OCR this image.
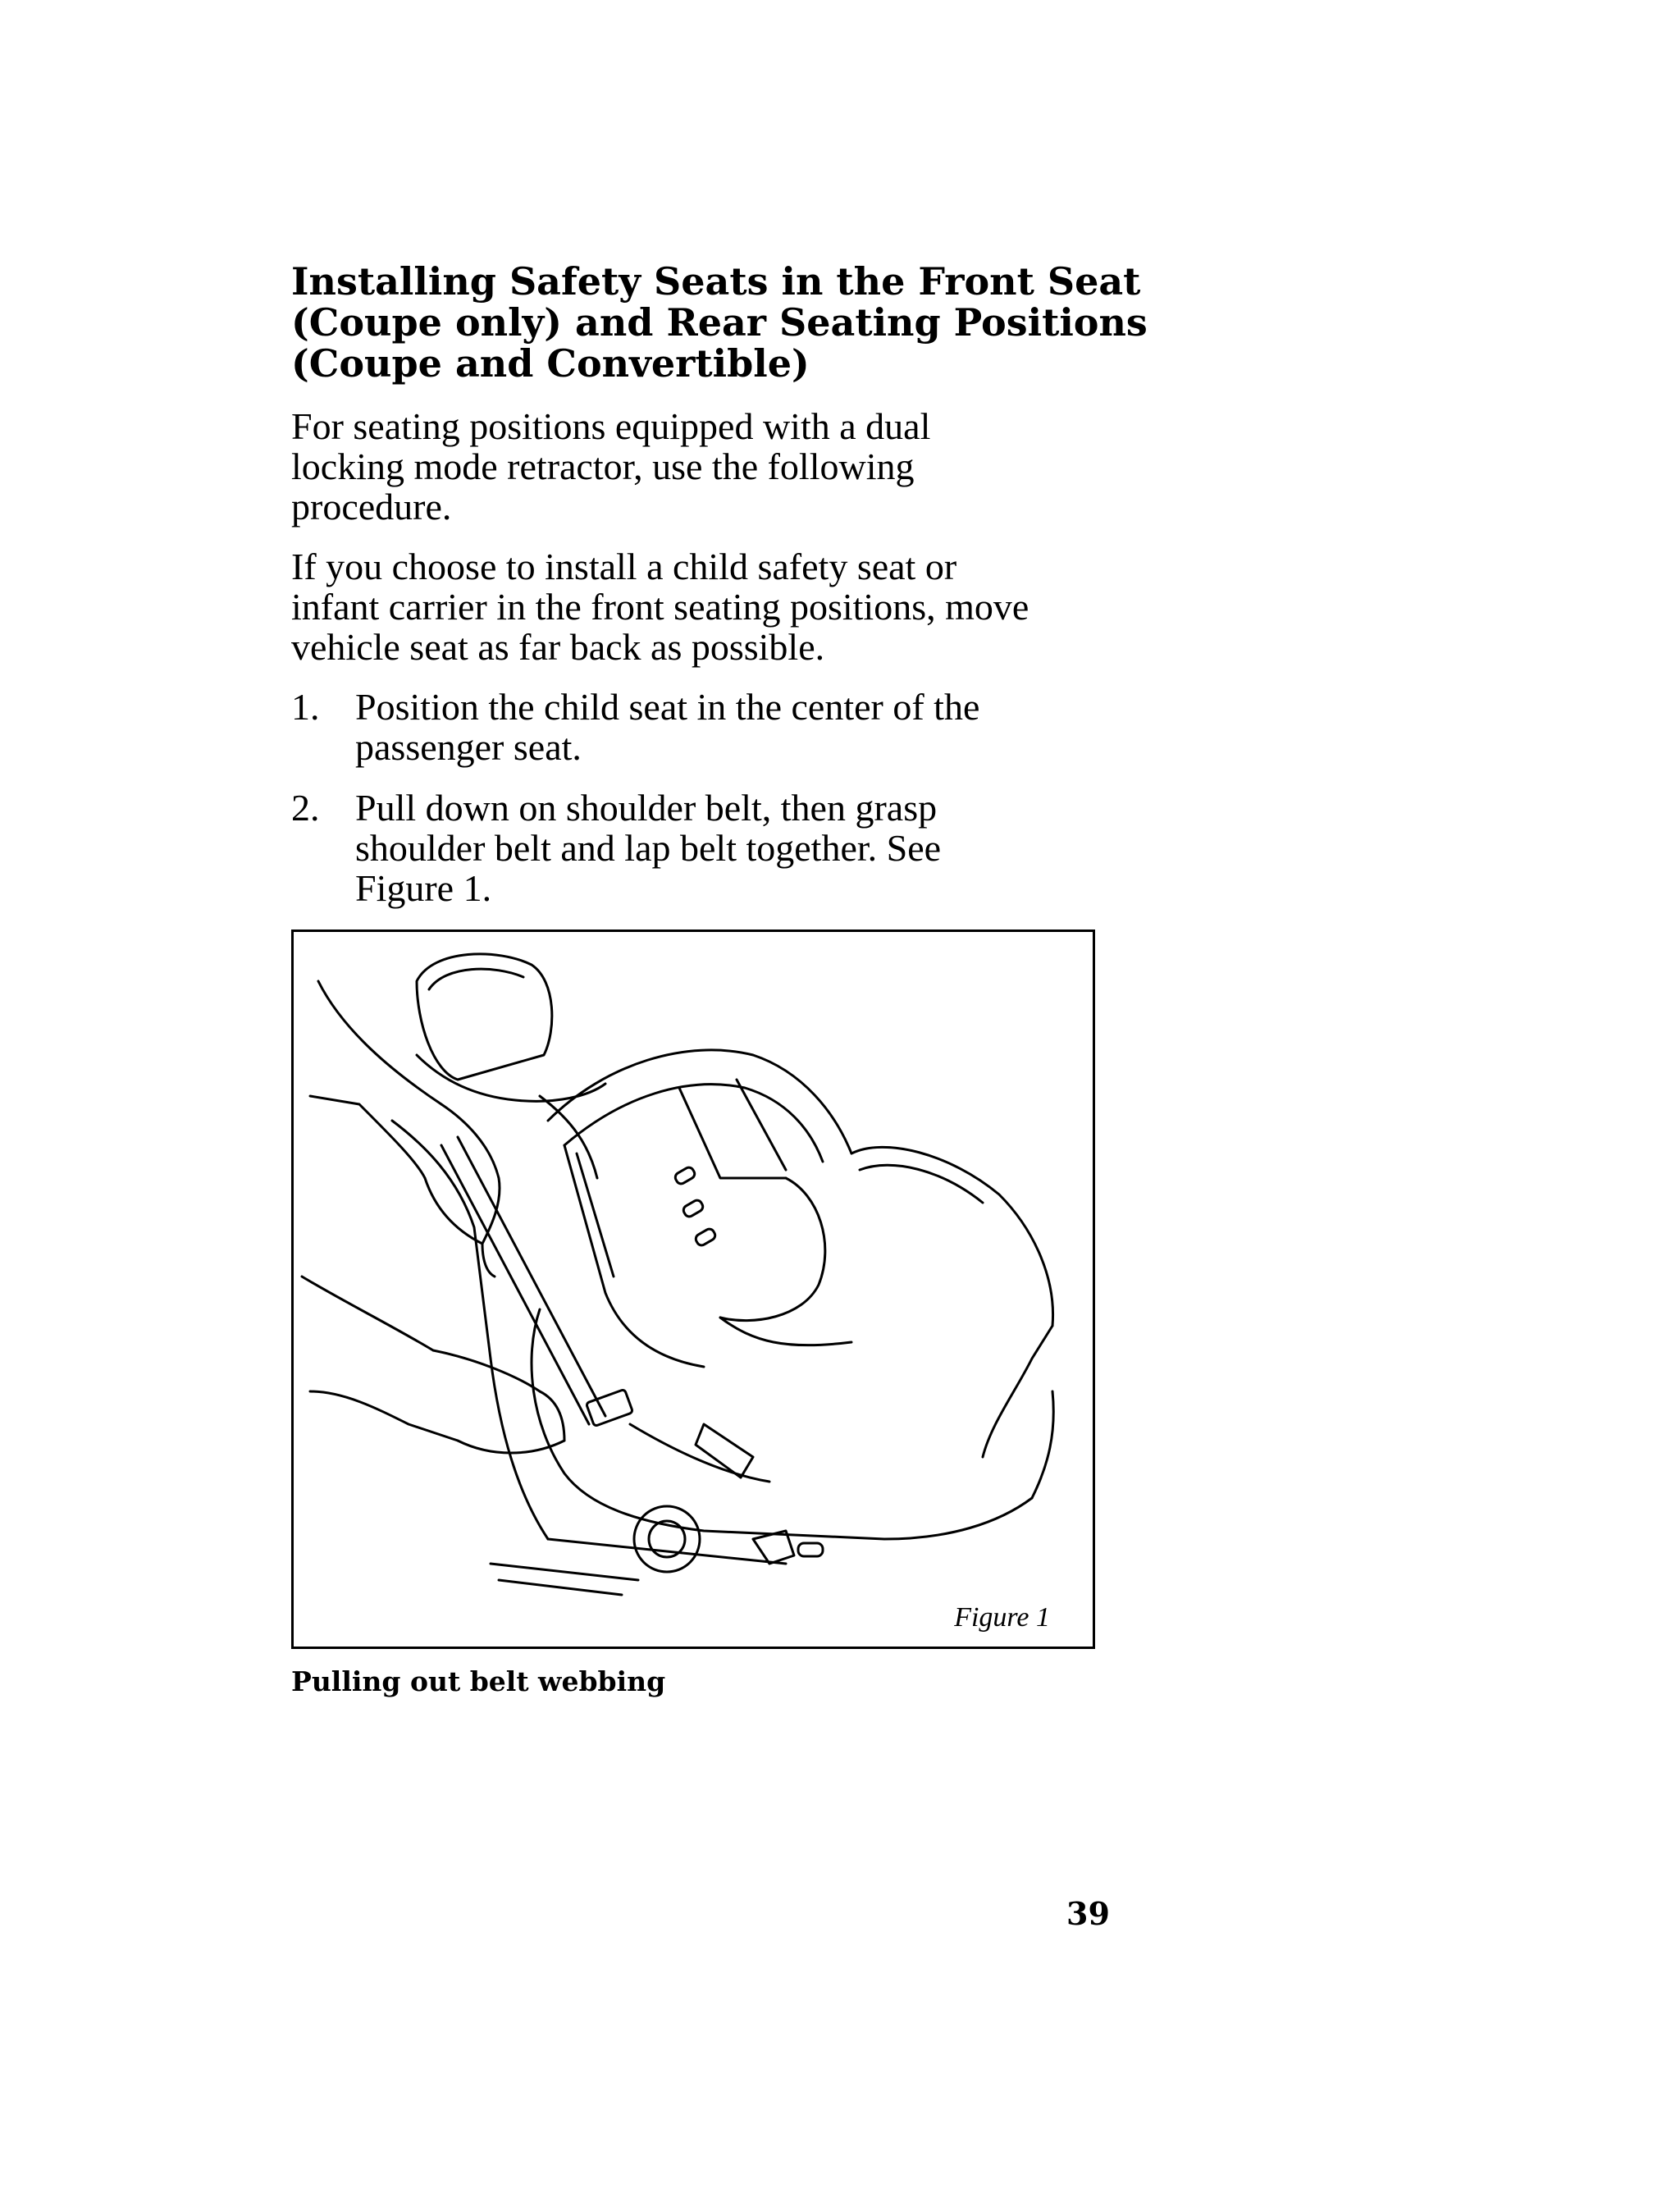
Installing Safety Seats in the Front Seat
(Coupe only) and Rear Seating Positions
(Coupe and Convertible)

For seating positions equipped with a dual
locking mode retractor, use the following
procedure.

If you choose to install a child safety seat or
infant carrier in the front seating positions, move
vehicle seat as far back as possible.

1. Position the child seat in the center of the
passenger seat.
2. Pull down on shoulder belt, then grasp
shoulder belt and lap belt together. See
Figure 1.
Figure 1
Pulling out belt webbing
39
